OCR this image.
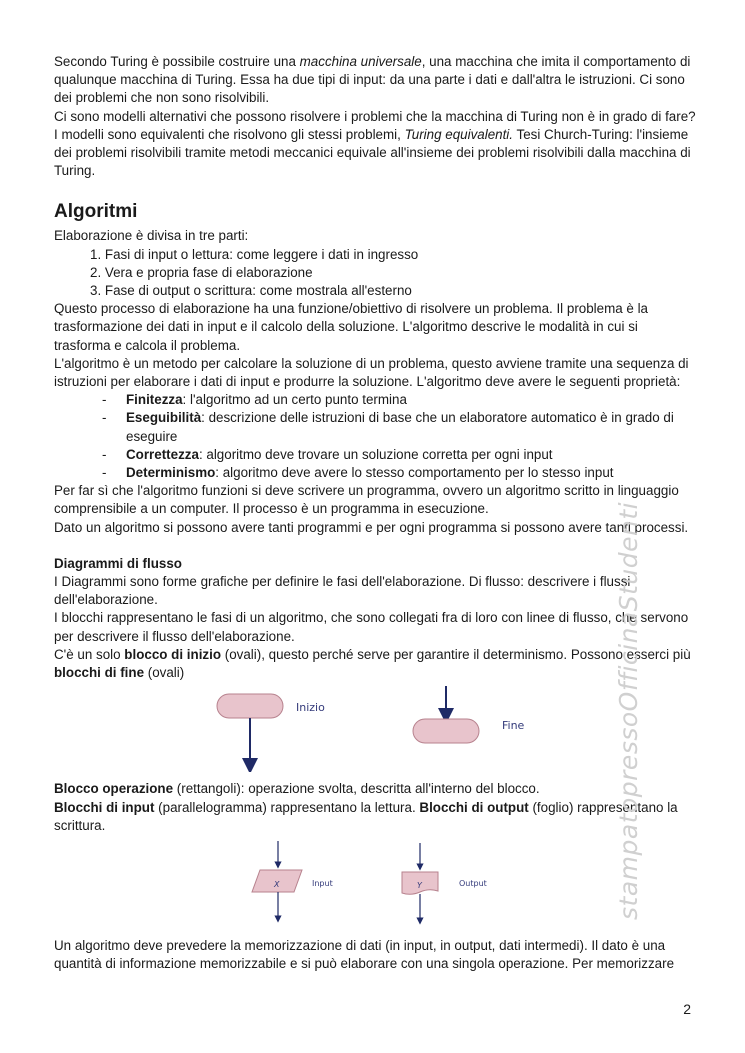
Secondo Turing è possibile costruire una macchina universale, una macchina che imita il comportamento di qualunque macchina di Turing. Essa ha due tipi di input: da una parte i dati e dall'altra le istruzioni. Ci sono dei problemi che non sono risolvibili.

Ci sono modelli alternativi che possono risolvere i problemi che la macchina di Turing non è in grado di fare? I modelli sono equivalenti che risolvono gli stessi problemi, Turing equivalenti. Tesi Church-Turing: l'insieme dei problemi risolvibili tramite metodi meccanici equivale all'insieme dei problemi risolvibili dalla macchina di Turing.

Algoritmi

Elaborazione è divisa in tre parti:

1. Fasi di input o lettura: come leggere i dati in ingresso
2. Vera e propria fase di elaborazione
3. Fase di output o scrittura: come mostrala all'esterno

Questo processo di elaborazione ha una funzione/obiettivo di risolvere un problema. Il problema è la trasformazione dei dati in input e il calcolo della soluzione. L'algoritmo descrive le modalità in cui si trasforma e calcola il problema.

L'algoritmo è un metodo per calcolare la soluzione di un problema, questo avviene tramite una sequenza di istruzioni per elaborare i dati di input e produrre la soluzione. L'algoritmo deve avere le seguenti proprietà:

- Finitezza: l'algoritmo ad un certo punto termina
- Eseguibilità: descrizione delle istruzioni di base che un elaboratore automatico è in grado di eseguire
- Correttezza: algoritmo deve trovare un soluzione corretta per ogni input
- Determinismo: algoritmo deve avere lo stesso comportamento per lo stesso input

Per far sì che l'algoritmo funzioni si deve scrivere un programma, ovvero un algoritmo scritto in linguaggio comprensibile a un computer. Il processo è un programma in esecuzione.

Dato un algoritmo si possono avere tanti programmi e per ogni programma si possono avere tanti processi.

Diagrammi di flusso

I Diagrammi sono forme grafiche per definire le fasi dell'elaborazione. Di flusso: descrivere i flussi dell'elaborazione.

I blocchi rappresentano le fasi di un algoritmo, che sono collegati fra di loro con linee di flusso, che servono per descrivere il flusso dell'elaborazione.

C'è un solo blocco di inizio (ovali), questo perché serve per garantire il determinismo. Possono esserci più blocchi di fine (ovali)

Inizio
Fine

Blocco operazione (rettangoli): operazione svolta, descritta all'interno del blocco.

Blocchi di input (parallelogramma) rappresentano la lettura. Blocchi di output (foglio) rappresentano la scrittura.

X	Input	Y	Output

Un algoritmo deve prevedere la memorizzazione di dati (in input, in output, dati intermedi). Il dato è una quantità di informazione memorizzabile e si può elaborare con una singola operazione. Per memorizzare

stampatopressoOfficinaStudenti
2
